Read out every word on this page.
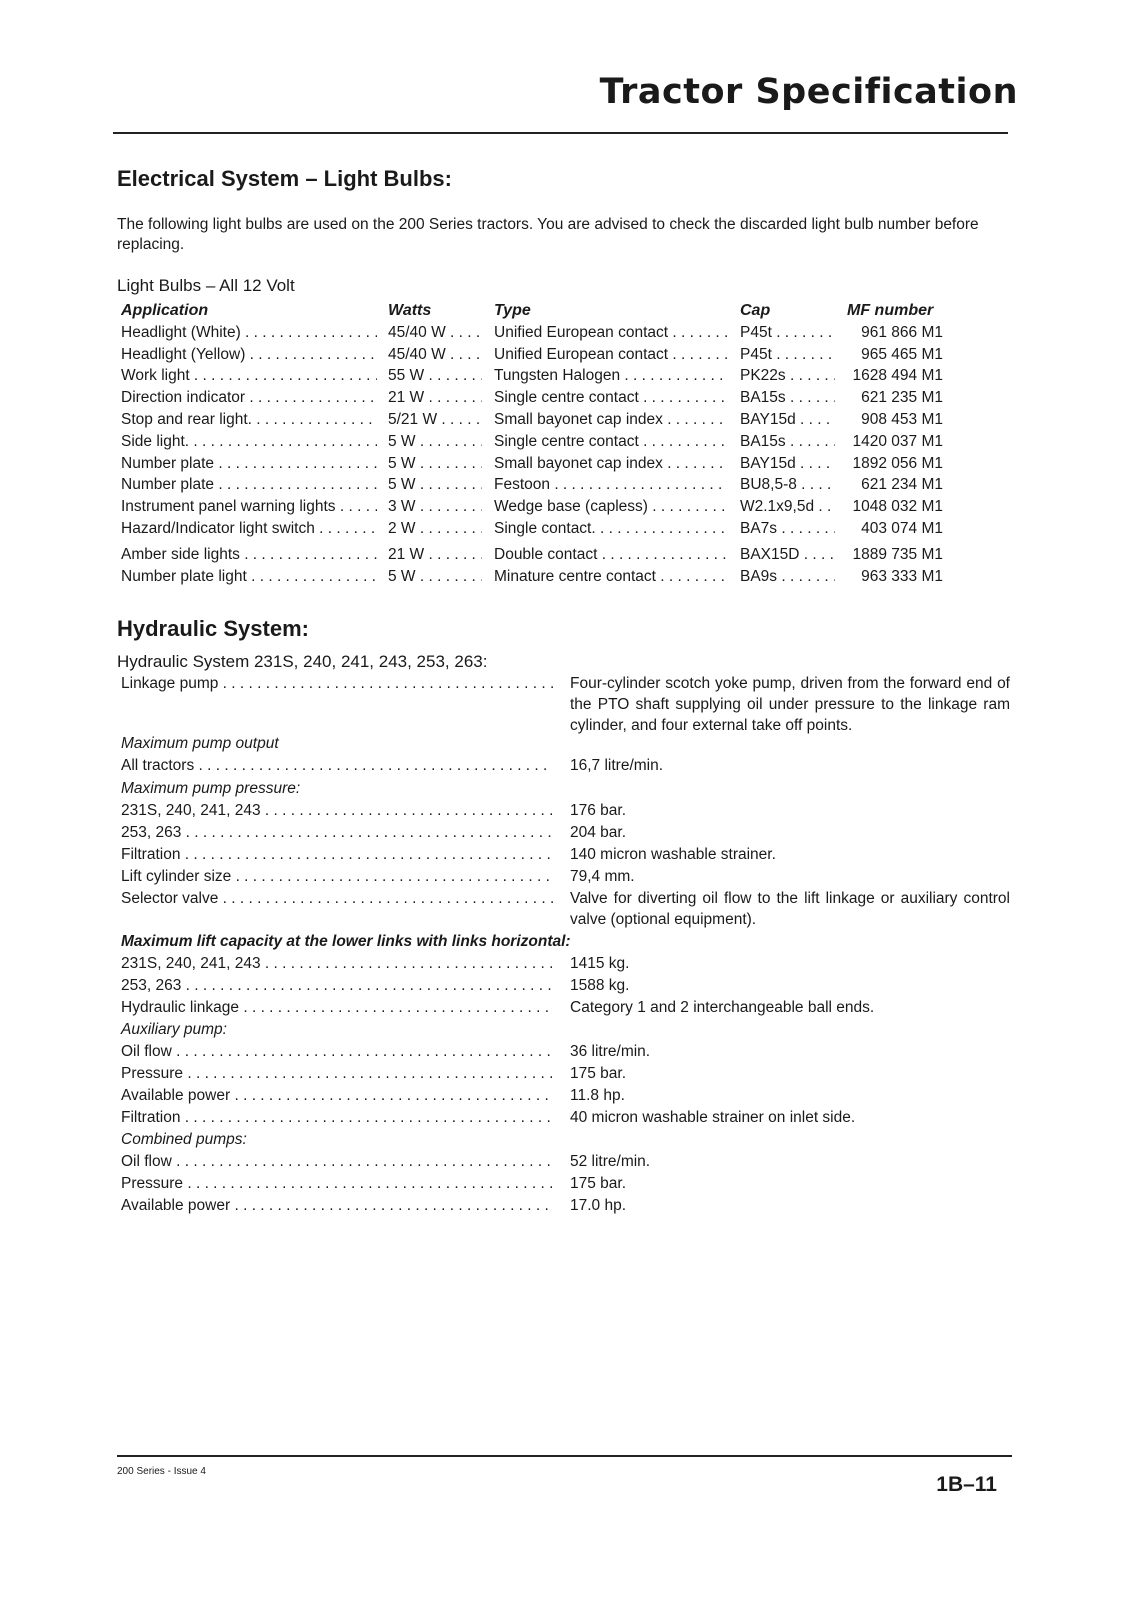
Tractor Specification
Electrical System – Light Bulbs:
The following light bulbs are used on the 200 Series tractors. You are advised to check the discarded light bulb number before replacing.
Light Bulbs – All 12 Volt
Application	Watts	Type	Cap	MF number
Headlight (White) . . .	45/40 W . . .	Unified European contact . . .	P45t . . .	961 866 M1
Headlight (Yellow) . . .	45/40 W . . .	Unified European contact . . .	P45t . . .	965 465 M1
Work light . . .	55 W . . .	Tungsten Halogen . . .	PK22s . . .	1628 494 M1
Direction indicator . . .	21 W . . .	Single centre contact . . .	BA15s . . .	621 235 M1
Stop and rear light. . . .	5/21 W . . .	Small bayonet cap index . . .	BAY15d . . .	908 453 M1
Side light. . . .	5 W . . .	Single centre contact . . .	BA15s . . .	1420 037 M1
Number plate . . .	5 W . . .	Small bayonet cap index . . .	BAY15d . . .	1892 056 M1
Number plate . . .	5 W . . .	Festoon . . .	BU8,5-8 . . .	621 234 M1
Instrument panel warning lights . . .	3 W . . .	Wedge base (capless) . . .	W2.1x9,5d . . .	1048 032 M1
Hazard/Indicator light switch . . .	2 W . . .	Single contact. . . .	BA7s . . .	403 074 M1
Amber side lights . . .	21 W . . .	Double contact . . .	BAX15D . . .	1889 735 M1
Number plate light . . .	5 W . . .	Minature centre contact . . .	BA9s . . .	963 333 M1
Hydraulic System:
Hydraulic System 231S, 240, 241, 243, 253, 263:
Linkage pump . . .	Four-cylinder scotch yoke pump, driven from the forward end of the PTO shaft supplying oil under pressure to the linkage ram cylinder, and four external take off points.
Maximum pump output
All tractors . . .	16,7 litre/min.
Maximum pump pressure:
231S, 240, 241, 243 . . .	176 bar.
253, 263 . . .	204 bar.
Filtration . . .	140 micron washable strainer.
Lift cylinder size . . .	79,4 mm.
Selector valve . . .	Valve for diverting oil flow to the lift linkage or auxiliary control valve (optional equipment).
Maximum lift capacity at the lower links with links horizontal:
231S, 240, 241, 243 . . .	1415 kg.
253, 263 . . .	1588 kg.
Hydraulic linkage . . .	Category 1 and 2 interchangeable ball ends.
Auxiliary pump:
Oil flow . . .	36 litre/min.
Pressure . . .	175 bar.
Available power . . .	11.8 hp.
Filtration . . .	40 micron washable strainer on inlet side.
Combined pumps:
Oil flow . . .	52 litre/min.
Pressure . . .	175 bar.
Available power . . .	17.0 hp.
200 Series - Issue 4
1B–11
